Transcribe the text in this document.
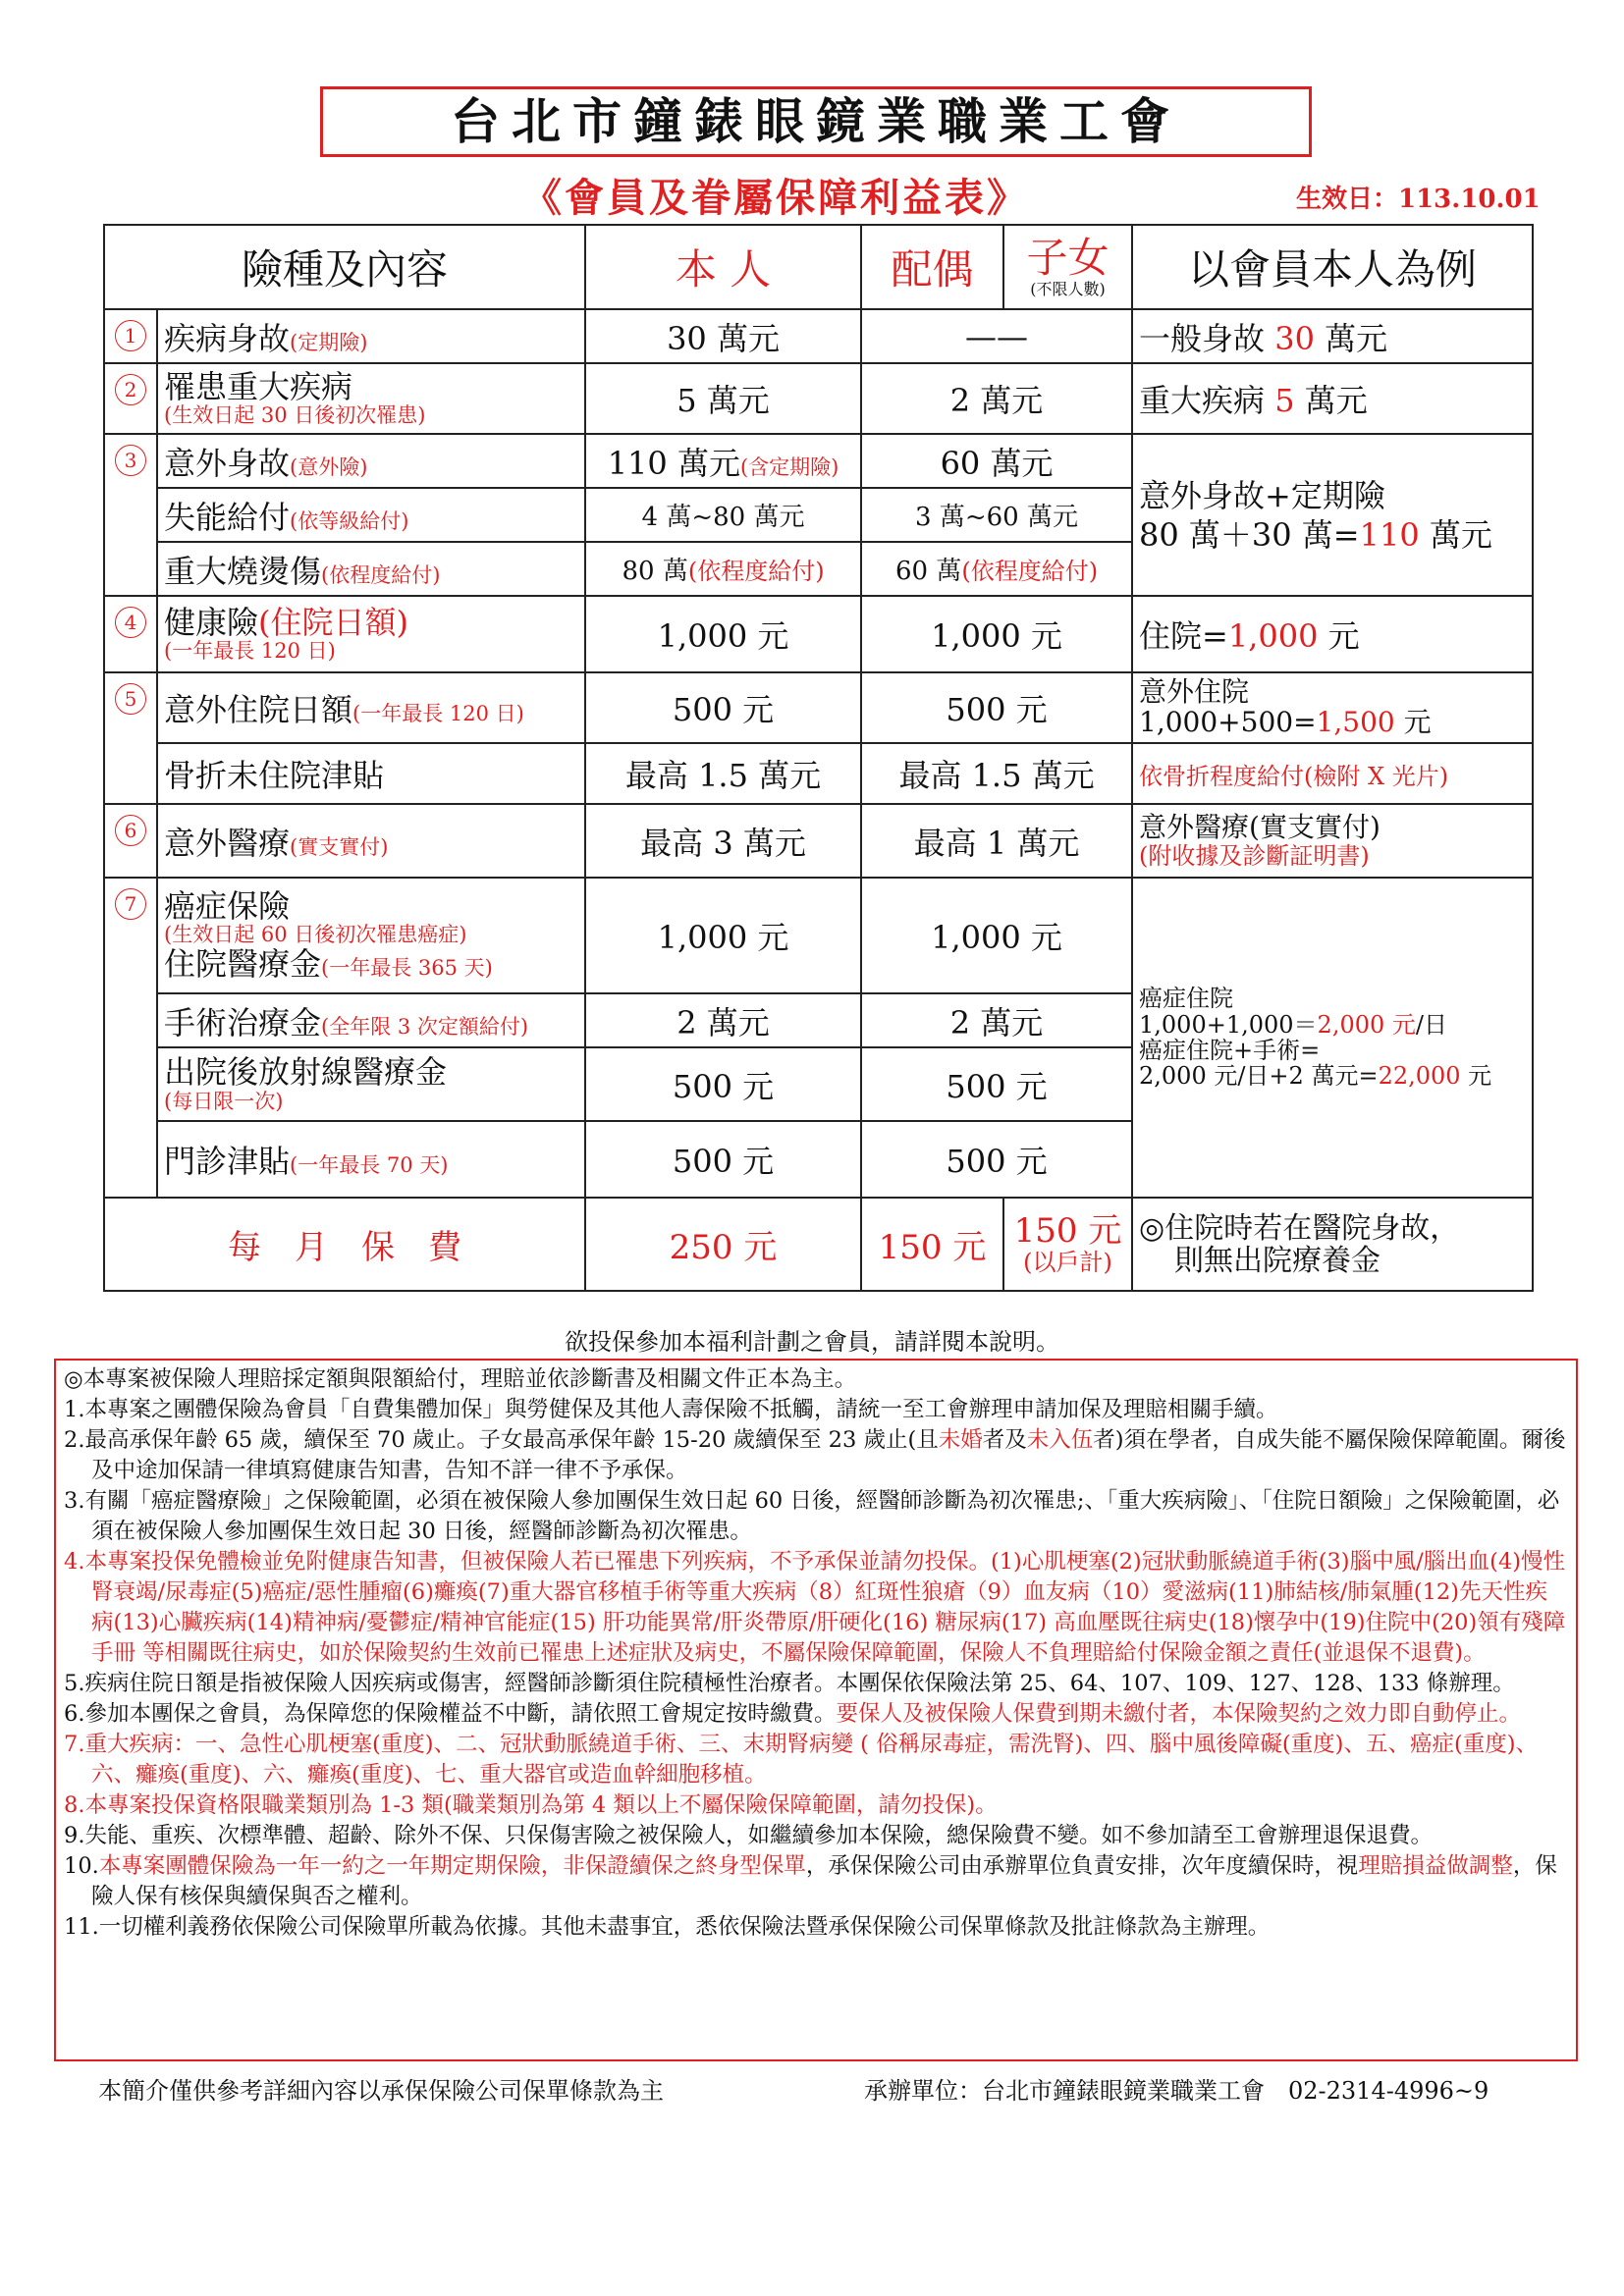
台北市鐘錶眼鏡業職業工會
《會員及眷屬保障利益表》	生效日：113.10.01
險種及內容		本 人	配偶	子女
(不限人數)	以會員本人為例
1	疾病身故(定期險)	30 萬元	——		一般身故 30 萬元
2	罹患重大疾病
(生效日起 30 日後初次罹患)	5 萬元	2 萬元		重大疾病 5 萬元
3	意外身故(意外險)	110 萬元(含定期險)	60 萬元		意外身故+定期險
80 萬＋30 萬=110 萬元

	失能給付(依等級給付)	4 萬~80 萬元	3 萬~60 萬元		
	重大燒燙傷(依程度給付)	80 萬(依程度給付)	60 萬(依程度給付)		
4	健康險(住院日額)
(一年最長 120 日)	1,000 元	1,000 元		住院=1,000 元
5	意外住院日額(一年最長 120 日)	500 元	500 元		意外住院
1,000+500=1,500 元

	骨折未住院津貼	最高 1.5 萬元	最高 1.5 萬元		依骨折程度給付(檢附 X 光片)
6	意外醫療(實支實付)	最高 3 萬元	最高 1 萬元		意外醫療(實支實付)
(附收據及診斷証明書)

7	癌症保險
(生效日起 60 日後初次罹患癌症)
住院醫療金(一年最長 365 天)	1,000 元	1,000 元		癌症住院
1,000+1,000＝2,000 元/日
癌症住院+手術=
2,000 元/日+2 萬元=22,000 元

	手術治療金(全年限 3 次定額給付)	2 萬元	2 萬元		

	出院後放射線醫療金
(每日限一次)	500 元	500 元		
	門診津貼(一年最長 70 天)	500 元	500 元		
每　月　保　費		250 元	150 元	150 元
(以戶計)	◎住院時若在醫院身故，
則無出院療養金
欲投保參加本福利計劃之會員，請詳閱本說明。

◎本專案被保險人理賠採定額與限額給付，理賠並依診斷書及相關文件正本為主。

1.本專案之團體保險為會員「自費集體加保」與勞健保及其他人壽保險不抵觸，請統一至工會辦理申請加保及理賠相關手續。

2.最高承保年齡 65 歲，續保至 70 歲止。子女最高承保年齡 15-20 歲續保至 23 歲止(且未婚者及未入伍者)須在學者，自成失能不屬保險保障範圍。爾後及中途加保請一律填寫健康告知書，告知不詳一律不予承保。

3.有關「癌症醫療險」之保險範圍，必須在被保險人參加團保生效日起 60 日後，經醫師診斷為初次罹患;、「重大疾病險」、「住院日額險」之保險範圍，必須在被保險人參加團保生效日起 30 日後，經醫師診斷為初次罹患。

4.本專案投保免體檢並免附健康告知書，但被保險人若已罹患下列疾病，不予承保並請勿投保。(1)心肌梗塞(2)冠狀動脈繞道手術(3)腦中風/腦出血(4)慢性腎衰竭/尿毒症(5)癌症/惡性腫瘤(6)癱瘓(7)重大器官移植手術等重大疾病（8）紅斑性狼瘡（9）血友病（10）愛滋病(11)肺結核/肺氣腫(12)先天性疾病(13)心臟疾病(14)精神病/憂鬱症/精神官能症(15) 肝功能異常/肝炎帶原/肝硬化(16) 糖尿病(17) 高血壓既往病史(18)懷孕中(19)住院中(20)領有殘障手冊 等相關既往病史，如於保險契約生效前已罹患上述症狀及病史，不屬保險保障範圍，保險人不負理賠給付保險金額之責任(並退保不退費)。

5.疾病住院日額是指被保險人因疾病或傷害，經醫師診斷須住院積極性治療者。本團保依保險法第 25、64、107、109、127、128、133 條辦理。

6.參加本團保之會員，為保障您的保險權益不中斷，請依照工會規定按時繳費。要保人及被保險人保費到期未繳付者，本保險契約之效力即自動停止。

7.重大疾病：一、急性心肌梗塞(重度)、二、冠狀動脈繞道手術、三、末期腎病變 ( 俗稱尿毒症，需洗腎)、四、腦中風後障礙(重度)、五、癌症(重度)、六、癱瘓(重度)、六、癱瘓(重度)、七、重大器官或造血幹細胞移植。

8.本專案投保資格限職業類別為 1-3 類(職業類別為第 4 類以上不屬保險保障範圍，請勿投保)。

9.失能、重疾、次標準體、超齡、除外不保、只保傷害險之被保險人，如繼續參加本保險，總保險費不變。如不參加請至工會辦理退保退費。

10.本專案團體保險為一年一約之一年期定期保險，非保證續保之終身型保單，承保保險公司由承辦單位負責安排，次年度續保時，視理賠損益做調整，保險人保有核保與續保與否之權利。

11.一切權利義務依保險公司保險單所載為依據。其他未盡事宜，悉依保險法暨承保保險公司保單條款及批註條款為主辦理。

本簡介僅供參考詳細內容以承保保險公司保單條款為主	承辦單位：台北市鐘錶眼鏡業職業工會　02-2314-4996~9
